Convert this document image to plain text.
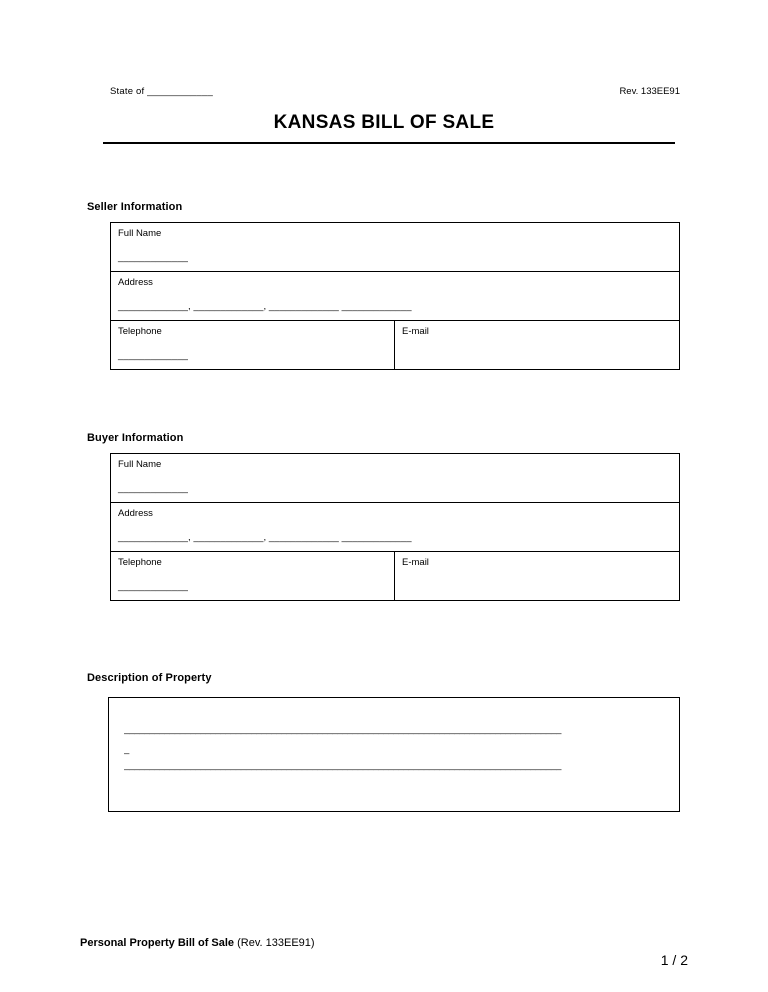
State of ____________	Rev. 133EE91
KANSAS BILL OF SALE
Seller Information
Full Name
_____________
Address
_____________, _____________, _____________ _____________
Telephone
_____________
E-mail
Buyer Information
Full Name
_____________
Address
_____________, _____________, _____________ _____________
Telephone
_____________
E-mail
Description of Property
______________________________________________________________________________________
_
______________________________________________________________________________________
Personal Property Bill of Sale (Rev. 133EE91)
1 / 2
